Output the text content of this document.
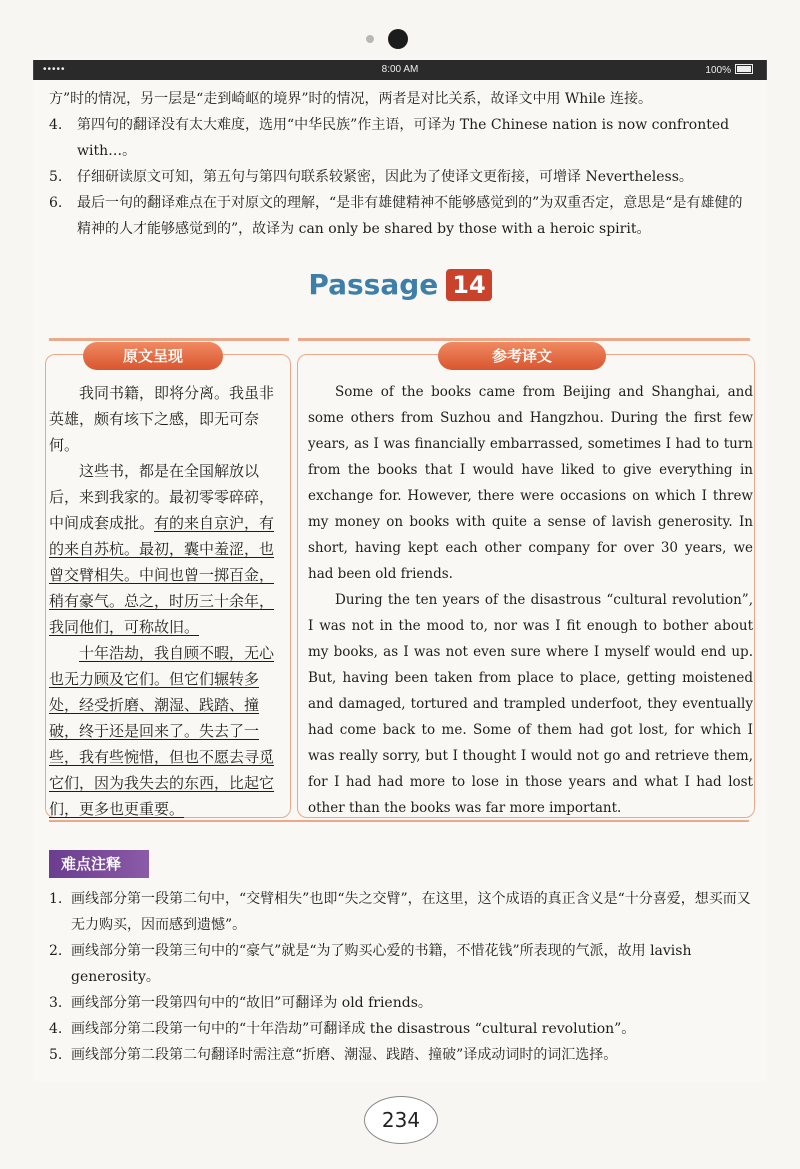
•••••	8:00 AM	100%

方”时的情况，另一层是“走到崎岖的境界”时的情况，两者是对比关系，故译文中用 While 连接。

4.	第四句的翻译没有太大难度，选用“中华民族”作主语，可译为 The Chinese nation is now confronted with…。
5.	仔细研读原文可知，第五句与第四句联系较紧密，因此为了使译文更衔接，可增译 Nevertheless。
6.	最后一句的翻译难点在于对原文的理解，“是非有雄健精神不能够感觉到的”为双重否定，意思是“是有雄健的精神的人才能够感觉到的”，故译为 can only be shared by those with a heroic spirit。
Passage 14
原文呈现	参考译文

我同书籍，即将分离。我虽非英雄，颇有垓下之感，即无可奈何。

这些书，都是在全国解放以后，来到我家的。最初零零碎碎，中间成套成批。有的来自京沪，有的来自苏杭。最初，囊中羞涩，也曾交臂相失。中间也曾一掷百金，稍有豪气。总之，时历三十余年，我同他们，可称故旧。

十年浩劫，我自顾不暇，无心也无力顾及它们。但它们辗转多处，经受折磨、潮湿、践踏、撞破，终于还是回来了。失去了一些，我有些惋惜，但也不愿去寻觅它们，因为我失去的东西，比起它们，更多也更重要。

Some of the books came from Beijing and Shanghai, and some others from Suzhou and Hangzhou. During the first few years, as I was financially embarrassed, sometimes I had to turn from the books that I would have liked to give everything in exchange for. However, there were occasions on which I threw my money on books with quite a sense of lavish generosity. In short, having kept each other company for over 30 years, we had been old friends.

During the ten years of the disastrous “cultural revolution”, I was not in the mood to, nor was I fit enough to bother about my books, as I was not even sure where I myself would end up. But, having been taken from place to place, getting moistened and damaged, tortured and trampled underfoot, they eventually had come back to me. Some of them had got lost, for which I was really sorry, but I thought I would not go and retrieve them, for I had had more to lose in those years and what I had lost other than the books was far more important.

难点注释
1. 画线部分第一段第二句中，“交臂相失”也即“失之交臂”，在这里，这个成语的真正含义是“十分喜爱，想买而又无力购买，因而感到遗憾”。
2. 画线部分第一段第三句中的“豪气”就是“为了购买心爱的书籍，不惜花钱”所表现的气派，故用 lavish generosity。
3. 画线部分第一段第四句中的“故旧”可翻译为 old friends。
4. 画线部分第二段第一句中的“十年浩劫”可翻译成 the disastrous “cultural revolution”。
5. 画线部分第二段第二句翻译时需注意“折磨、潮湿、践踏、撞破”译成动词时的词汇选择。
234
